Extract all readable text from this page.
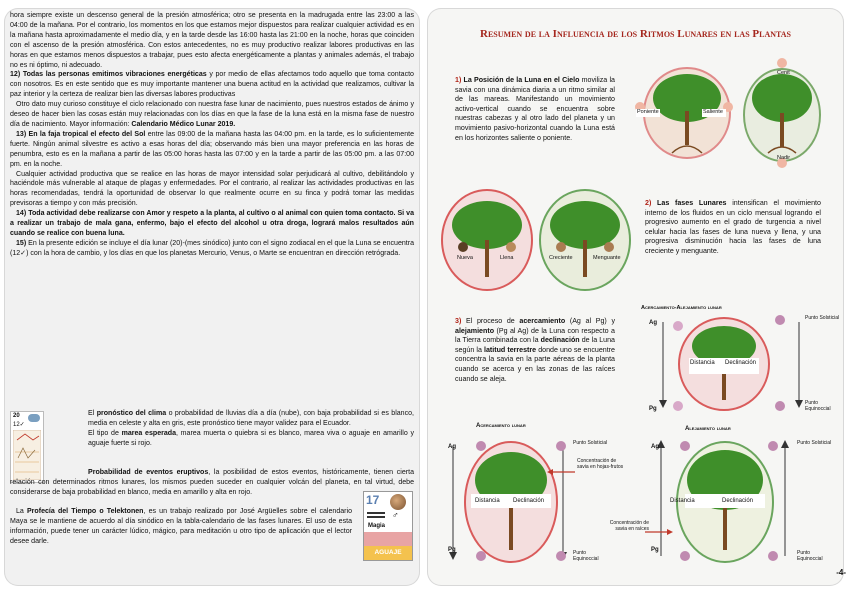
hora siempre existe un descenso general de la presión atmosférica; otro se presenta en la madrugada entre las 23:00 a las 04:00 de la mañana. Por el contrario, los momentos en los que estamos mejor dispuestos para realizar cualquier actividad es en la mañana hasta aproximadamente el medio día, y en la tarde desde las 16:00 hasta las 21:00 en la noche, horas que coinciden con el ascenso de la presión atmosférica. Con estos antecedentes, no es muy productivo realizar labores productivas en las horas en que estamos menos dispuestos a trabajar, pues esto afecta energéticamente a plantas y animales además, el trabajo no es ni óptimo, ni adecuado.

12) Todas las personas emitimos vibraciones energéticas y por medio de ellas afectamos todo aquello que toma contacto con nosotros. Es en este sentido que es muy importante mantener una buena actitud en la actividad que realizamos, cultivar la paz interior y la certeza de realizar bien las diversas labores productivas

Otro dato muy curioso constituye el ciclo relacionado con nuestra fase lunar de nacimiento, pues nuestros estados de ánimo y deseo de hacer bien las cosas están muy relacionadas con los días en que la fase de la luna está en la misma fase de nuestro día de nacimiento. Mayor información: Calendario Médico Lunar 2019.

13) En la faja tropical el efecto del Sol entre las 09:00 de la mañana hasta las 04:00 pm. en la tarde, es lo suficientemente fuerte. Ningún animal silvestre es activo a esas horas del día; observando más bien una mayor preferencia en las horas de penumbra, esto es en la mañana a partir de las 05:00 horas hasta las 07:00 y en la tarde a partir de las 05:00 pm. a las 07:00 pm. en la noche.

Cualquier actividad productiva que se realice en las horas de mayor intensidad solar perjudicará al cultivo, debilitándolo y haciéndole más vulnerable al ataque de plagas y enfermedades. Por el contrario, al realizar las actividades productivas en las horas recomendadas, tendrá la oportunidad de observar lo que realmente ocurre en su finca y podrá tomar las medidas previsoras a tiempo y con más precisión.

14) Toda actividad debe realizarse con Amor y respeto a la planta, al cultivo o al animal con quien toma contacto. Si va a realizar un trabajo de mala gana, enfermo, bajo el efecto del alcohol u otra droga, logrará malos resultados aún cuando se realice con buena luna.

15) En la presente edición se incluye el día lunar (20)-(mes sinódico) junto con el signo zodiacal en el que la Luna se encuentra (12✓) con la hora de cambio, y los días en que los planetas Mercurio, Venus, o Marte se encuentran en dirección retrógrada.

20
12✓

El pronóstico del clima o probabilidad de lluvias día a día (nube), con baja probabilidad si es blanco, media en celeste y alta en gris, este pronóstico tiene mayor validez para el Ecuador.

El tipo de marea esperada, marea muerta o quiebra si es blanco, marea viva o aguaje en amarillo y aguaje fuerte si rojo.

Probabilidad de eventos eruptivos, la posibilidad de estos eventos, históricamente, tienen cierta relación con determinados ritmos lunares, los mismos pueden suceder en cualquier volcán del planeta, en tal virtud, debe considerarse de baja probabilidad en blanco, media en amarillo y alta en rojo.

La Profecía del Tiempo o Telektonen, es un trabajo realizado por José Argüelles sobre el calendario Maya se le mantiene de acuerdo al día sinódico en la tabla-calendario de las fases lunares. El uso de esta información, puede tener un carácter lúdico, mágico, para meditación u otro tipo de aplicación que el lector desee darle.

17
♂
Magia
AGUAJE
Resumen de la Influencia de los Ritmos Lunares en las Plantas
1) La Posición de la Luna en el Cielo moviliza la savia con una dinámica diaria a un ritmo similar al de las mareas. Manifestando un movimiento activo-vertical cuando se encuentra sobre nuestras cabezas y al otro lado del planeta y un movimiento pasivo-horizontal cuando la Luna está en los horizontes saliente o poniente.
Poniente	Saliente
Cenit
Nadir
Nueva	Llena	Creciente	Menguante
2) Las fases Lunares intensifican el movimiento interno de los fluidos en un ciclo mensual logrando el progresivo aumento en el grado de turgencia a nivel celular hacia las fases de luna nueva y llena, y una progresiva disminución hacia las fases de luna creciente y menguante.
3) El proceso de acercamiento (Ag al Pg) y alejamiento (Pg al Ag) de la Luna con respecto a la Tierra combinada con la declinación de la Luna según la latitud terrestre donde uno se encuentre concentra la savia en la parte aéreas de la planta cuando se acerca y en las zonas de las raíces cuando se aleja.
Acercamiento-Alejamiento lunar
Ag
Pg
Distancia Declinación
Punto Solsticial
Punto Equinoccial
Acercamiento lunar
Ag
Pg
Distancia Declinación
Punto Solsticial
Punto Equinoccial
Concentración de savia en hojas-frutos
Alejamiento lunar
Ag
Pg
Distancia	Declinación
Punto Solsticial
Punto Equinoccial
Concentración de savia en raíces
-4-
